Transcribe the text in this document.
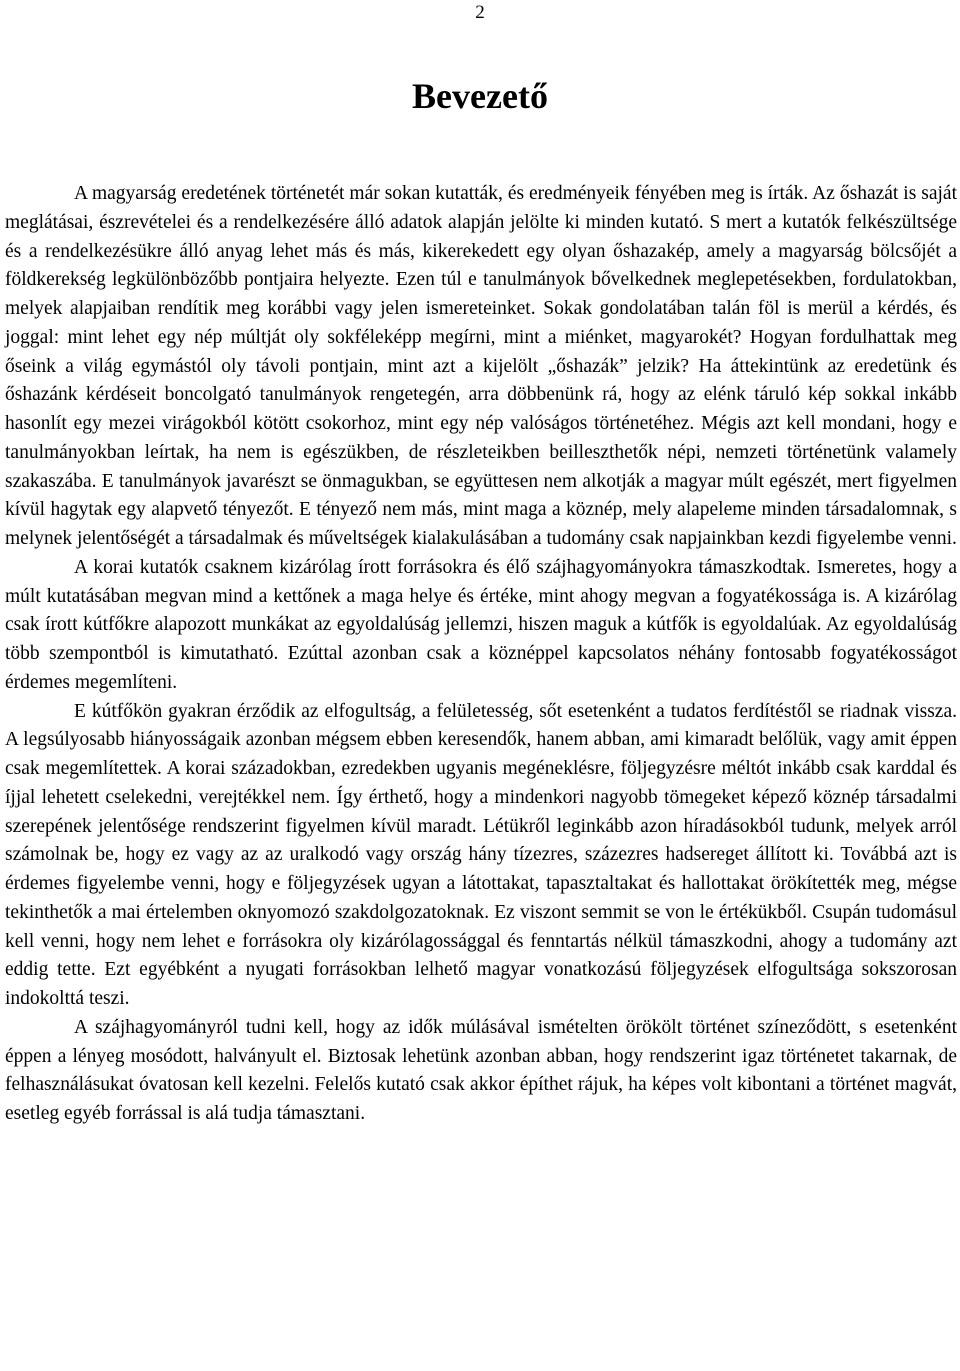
2
Bevezető

A magyarság eredetének történetét már sokan kutatták, és eredményeik fényében meg is írták. Az őshazát is saját meglátásai, észrevételei és a rendelkezésére álló adatok alapján jelölte ki minden kutató. S mert a kutatók felkészültsége és a rendelkezésükre álló anyag lehet más és más, kikerekedett egy olyan őshazakép, amely a magyarság bölcsőjét a földkerekség legkülönbözőbb pontjaira helyezte. Ezen túl e tanulmányok bővelkednek meglepetésekben, fordulatokban, melyek alapjaiban rendítik meg korábbi vagy jelen ismereteinket. Sokak gondolatában talán föl is merül a kérdés, és joggal: mint lehet egy nép múltját oly sokféleképp megírni, mint a miénket, magyarokét? Hogyan fordulhattak meg őseink a világ egymástól oly távoli pontjain, mint azt a kijelölt „őshazák” jelzik? Ha áttekintünk az eredetünk és őshazánk kérdéseit boncolgató tanulmányok rengetegén, arra döbbenünk rá, hogy az elénk táruló kép sokkal inkább hasonlít egy mezei virágokból kötött csokorhoz, mint egy nép valóságos történetéhez. Mégis azt kell mondani, hogy e tanulmányokban leírtak, ha nem is egészükben, de részleteikben beilleszthetők népi, nemzeti történetünk valamely szakaszába. E tanulmányok javarészt se önmagukban, se együttesen nem alkotják a magyar múlt egészét, mert figyelmen kívül hagytak egy alapvető tényezőt. E tényező nem más, mint maga a köznép, mely alapeleme minden társadalomnak, s melynek jelentőségét a társadalmak és műveltségek kialakulásában a tudomány csak napjainkban kezdi figyelembe venni.

A korai kutatók csaknem kizárólag írott forrásokra és élő szájhagyományokra támaszkodtak. Ismeretes, hogy a múlt kutatásában megvan mind a kettőnek a maga helye és értéke, mint ahogy megvan a fogyatékossága is. A kizárólag csak írott kútfőkre alapozott munkákat az egyoldalúság jellemzi, hiszen maguk a kútfők is egyoldalúak. Az egyoldalúság több szempontból is kimutatható. Ezúttal azonban csak a köznéppel kapcsolatos néhány fontosabb fogyatékosságot érdemes megemlíteni.

E kútfőkön gyakran érződik az elfogultság, a felületesség, sőt esetenként a tudatos ferdítéstől se riadnak vissza. A legsúlyosabb hiányosságaik azonban mégsem ebben keresendők, hanem abban, ami kimaradt belőlük, vagy amit éppen csak megemlítettek. A korai századokban, ezredekben ugyanis megéneklésre, följegyzésre méltót inkább csak karddal és íjjal lehetett cselekedni, verejtékkel nem. Így érthető, hogy a mindenkori nagyobb tömegeket képező köznép társadalmi szerepének jelentősége rendszerint figyelmen kívül maradt. Létükről leginkább azon híradásokból tudunk, melyek arról számolnak be, hogy ez vagy az az uralkodó vagy ország hány tízezres, százezres hadsereget állított ki. Továbbá azt is érdemes figyelembe venni, hogy e följegyzések ugyan a látottakat, tapasztaltakat és hallottakat örökítették meg, mégse tekinthetők a mai értelemben oknyomozó szakdolgozatoknak. Ez viszont semmit se von le értékükből. Csupán tudomásul kell venni, hogy nem lehet e forrásokra oly kizárólagossággal és fenntartás nélkül támaszkodni, ahogy a tudomány azt eddig tette. Ezt egyébként a nyugati forrásokban lelhető magyar vonatkozású följegyzések elfogultsága sokszorosan indokolttá teszi.

A szájhagyományról tudni kell, hogy az idők múlásával ismételten örökölt történet színeződött, s esetenként éppen a lényeg mosódott, halványult el. Biztosak lehetünk azonban abban, hogy rendszerint igaz történetet takarnak, de felhasználásukat óvatosan kell kezelni. Felelős kutató csak akkor építhet rájuk, ha képes volt kibontani a történet magvát, esetleg egyéb forrással is alá tudja támasztani.
